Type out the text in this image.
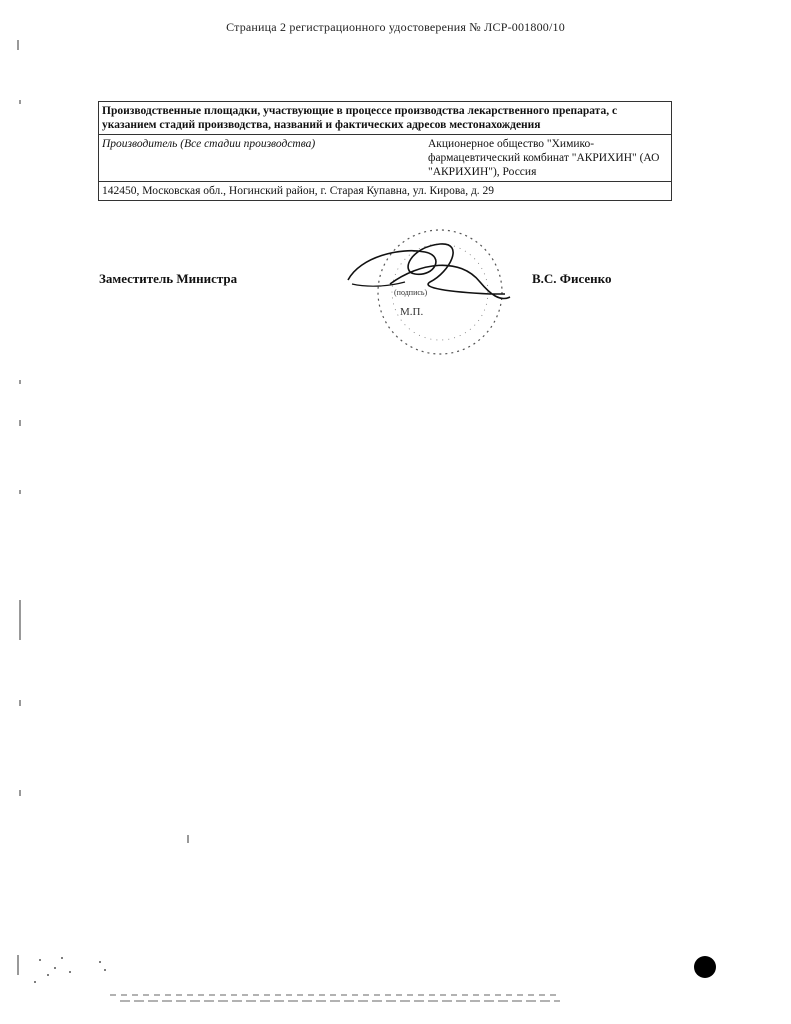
Страница 2 регистрационного удостоверения № ЛСР-001800/10
Производственные площадки, участвующие в процессе производства лекарственного препарата, с указанием стадий производства, названий и фактических адресов местонахождения
Производитель (Все стадии производства)	Акционерное общество "Химико-фармацевтический комбинат "АКРИХИН" (АО "АКРИХИН"), Россия
142450, Московская обл., Ногинский район, г. Старая Купавна, ул. Кирова, д. 29
Заместитель Министра
(подпись)
М.П.
В.С. Фисенко
